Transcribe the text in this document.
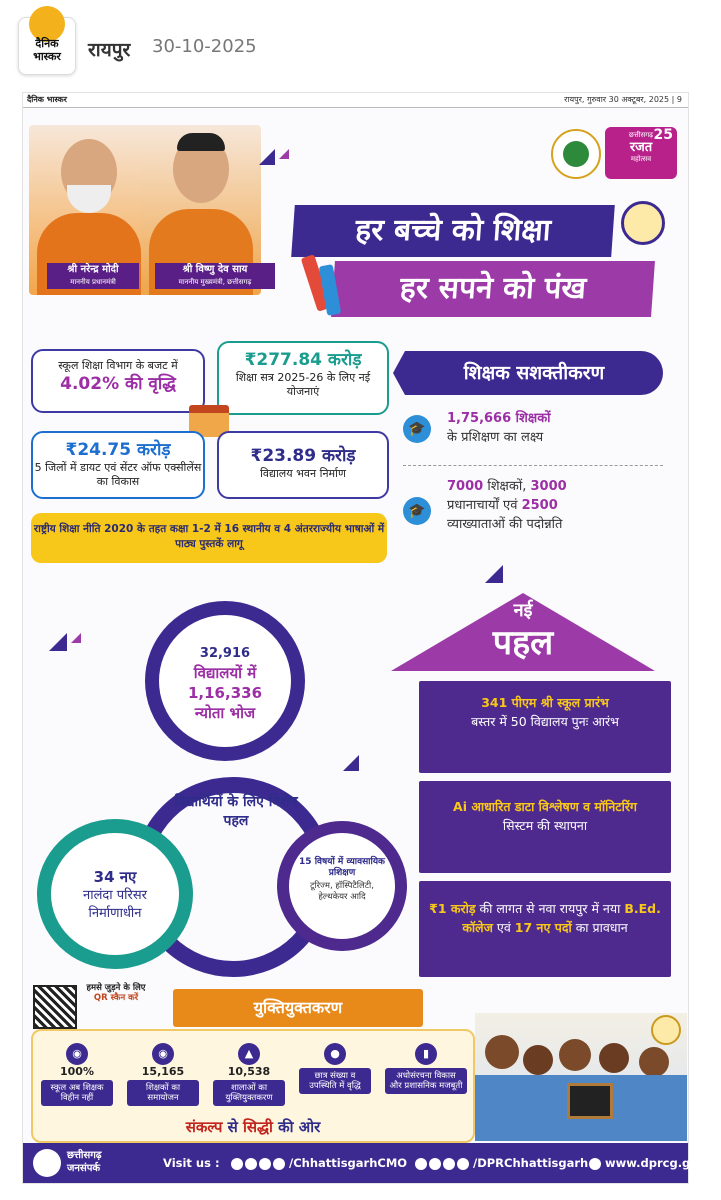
दैनिक
भास्कर	रायपुर 30-10-2025
दैनिक भास्कर	रायपुर, गुरुवार 30 अक्टूबर, 2025 | 9
श्री नरेन्द्र मोदी
माननीय प्रधानमंत्री
श्री विष्णु देव साय
माननीय मुख्यमंत्री, छत्तीसगढ़
छत्तीसगढ़
रजत
महोत्सव
25
हर बच्चे को शिक्षा
हर सपने को पंख
स्कूल शिक्षा विभाग के बजट में
4.02% की वृद्धि
₹277.84 करोड़
शिक्षा सत्र 2025-26 के लिए नई योजनाएं
₹24.75 करोड़
5 जिलों में डायट एवं सेंटर ऑफ एक्सीलेंस का विकास
₹23.89 करोड़
विद्यालय भवन निर्माण
राष्ट्रीय शिक्षा नीति 2020 के तहत कक्षा 1-2 में 16 स्थानीय व 4 अंतरराज्यीय भाषाओं में पाठ्य पुस्तकें लागू
शिक्षक सशक्तीकरण
🎓
1,75,666 शिक्षकों
के प्रशिक्षण का लक्ष्य
🎓
7000 शिक्षकों, 3000
प्रधानाचार्यों एवं 2500
व्याख्याताओं की पदोन्नति
नई
पहल
341 पीएम श्री स्कूल प्रारंभ
बस्तर में 50 विद्यालय पुनः आरंभ
Ai आधारित डाटा विश्लेषण व मॉनिटरिंग
सिस्टम की स्थापना
₹1 करोड़ की लागत से नवा रायपुर में नया B.Ed. कॉलेज एवं 17 नए पदों का प्रावधान
32,916
विद्यालयों में
1,16,336
न्योता भोज
विद्यार्थियों के लिए विशेष पहल
34 नए
नालंदा परिसर निर्माणाधीन
15 विषयों में व्यावसायिक प्रशिक्षण
टूरिज्म, हॉस्पिटैलिटी, हेल्थकेयर आदि
हमसे जुड़ने के लिए
QR स्कैन करें	युक्तियुक्तकरण
◉
100%
स्कूल अब शिक्षक विहीन नहीं
◉
15,165
शिक्षकों का समायोजन
▲
10,538
शालाओं का युक्तियुक्तकरण
●
छात्र संख्या व उपस्थिति में वृद्धि
▮
अधोसंरचना विकास और प्रशासनिक मजबूती
संकल्प से सिद्धी की ओर
छत्तीसगढ़
जनसंपर्क	Visit us :	/ChhattisgarhCMO	/DPRChhattisgarh www.dprcg.gov.in
